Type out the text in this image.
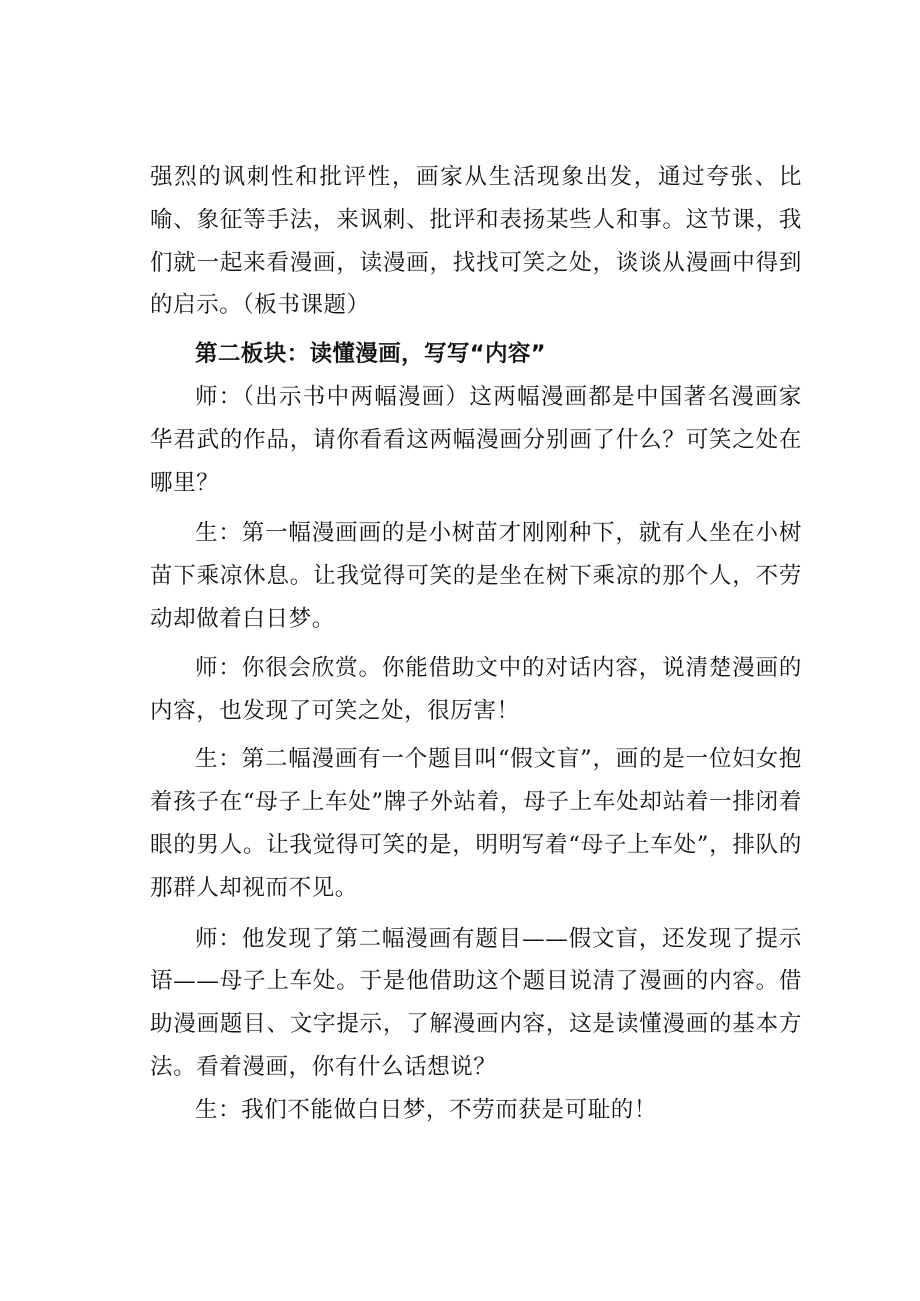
强烈的讽刺性和批评性，画家从生活现象出发，通过夸张、比喻、象征等手法，来讽刺、批评和表扬某些人和事。这节课，我们就一起来看漫画，读漫画，找找可笑之处，谈谈从漫画中得到的启示。（板书课题）

第二板块：读懂漫画，写写“内容”

师：（出示书中两幅漫画）这两幅漫画都是中国著名漫画家华君武的作品，请你看看这两幅漫画分别画了什么？可笑之处在哪里？

生：第一幅漫画画的是小树苗才刚刚种下，就有人坐在小树苗下乘凉休息。让我觉得可笑的是坐在树下乘凉的那个人，不劳动却做着白日梦。

师：你很会欣赏。你能借助文中的对话内容，说清楚漫画的内容，也发现了可笑之处，很厉害！

生：第二幅漫画有一个题目叫“假文盲”，画的是一位妇女抱着孩子在“母子上车处”牌子外站着，母子上车处却站着一排闭着眼的男人。让我觉得可笑的是，明明写着“母子上车处”，排队的那群人却视而不见。

师：他发现了第二幅漫画有题目——假文盲，还发现了提示语——母子上车处。于是他借助这个题目说清了漫画的内容。借助漫画题目、文字提示，了解漫画内容，这是读懂漫画的基本方法。看着漫画，你有什么话想说？

生：我们不能做白日梦，不劳而获是可耻的！
